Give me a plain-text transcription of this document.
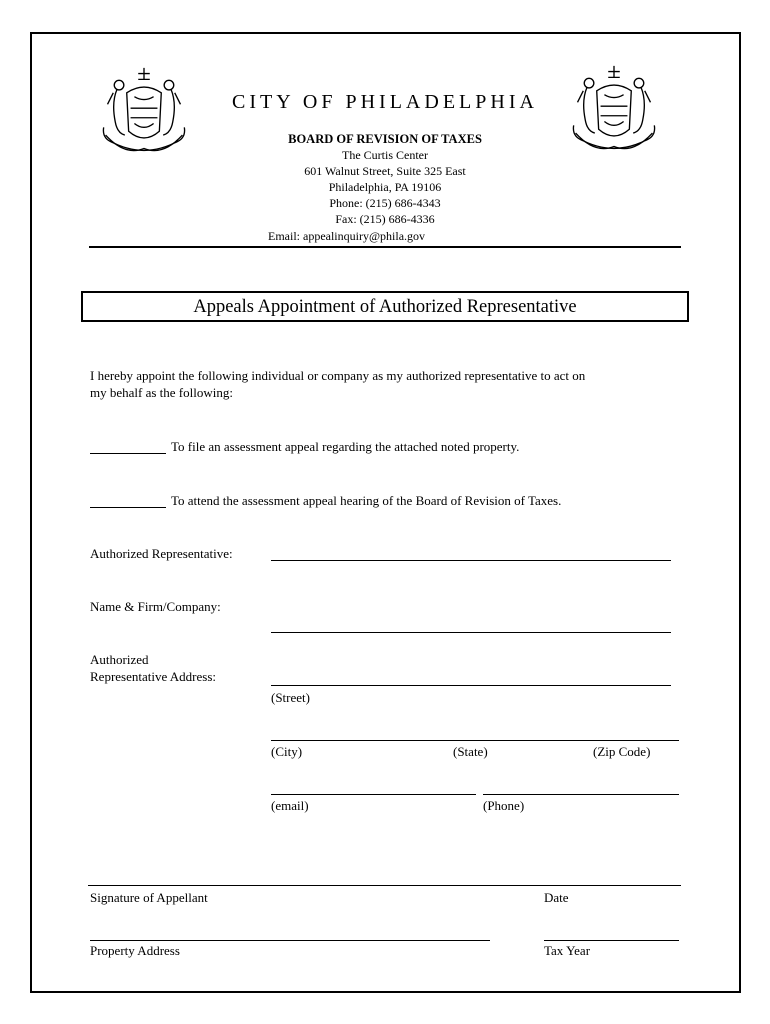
CITY OF PHILADELPHIA
BOARD OF REVISION OF TAXES
The Curtis Center
601 Walnut Street, Suite 325 East
Philadelphia, PA 19106
Phone: (215) 686-4343
Fax: (215) 686-4336
Email: appealinquiry@phila.gov
Appeals Appointment of Authorized Representative
I hereby appoint the following individual or company as my authorized representative to act on
my behalf as the following:
To file an assessment appeal regarding the attached noted property.
To attend the assessment appeal hearing of the Board of Revision of Taxes.
Authorized Representative:
Name & Firm/Company:
Authorized
Representative Address:
(Street)
(City)	(State)	(Zip Code)
(email)	(Phone)
Signature of Appellant	Date
Property Address	Tax Year
